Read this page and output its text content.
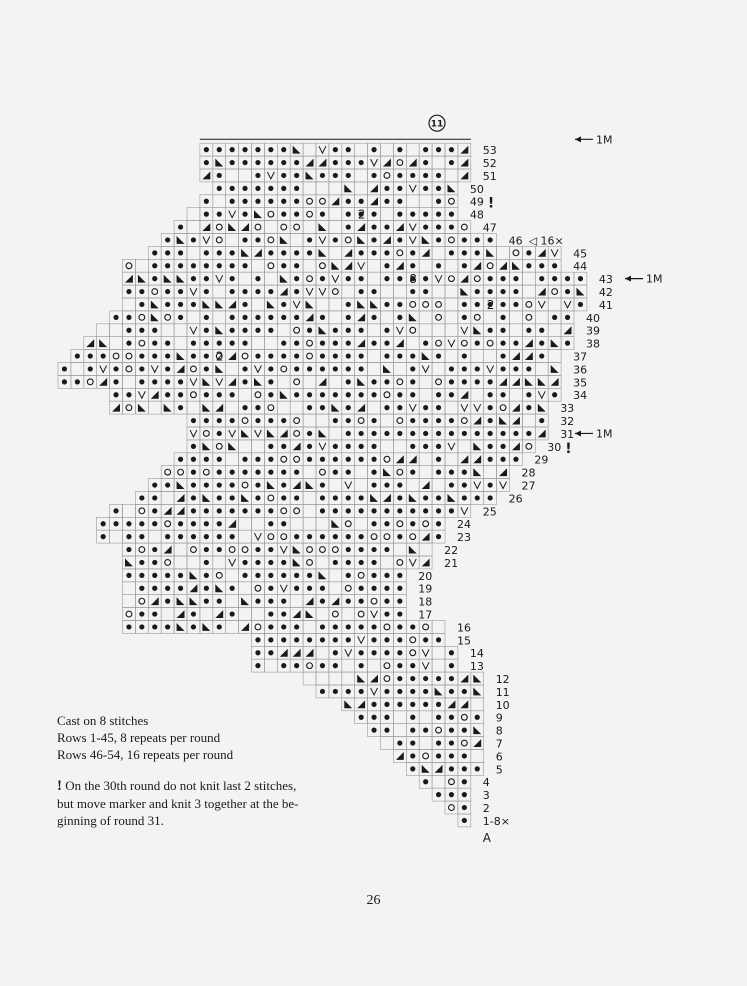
2
8
2
2
1-8×
2
3
4
5
6
7
8
9
10
11
12
13
14
15
16
17
18
19
20
21
22
23
24
25
26
27
28
29
30
31
32
33
34
35
36
37
38
39
40
41
42
43
44
45
46
47
48
49
50
51
52
53
A
11
1M
1M
1M
◁ 16×
!
!
Cast on 8 stitches
Rows 1-45, 8 repeats per round
Rows 46-54, 16 repeats per round
! On the 30th round do not knit last 2 stitches,
but move marker and knit 3 together at the be-
ginning of round 31.
26
